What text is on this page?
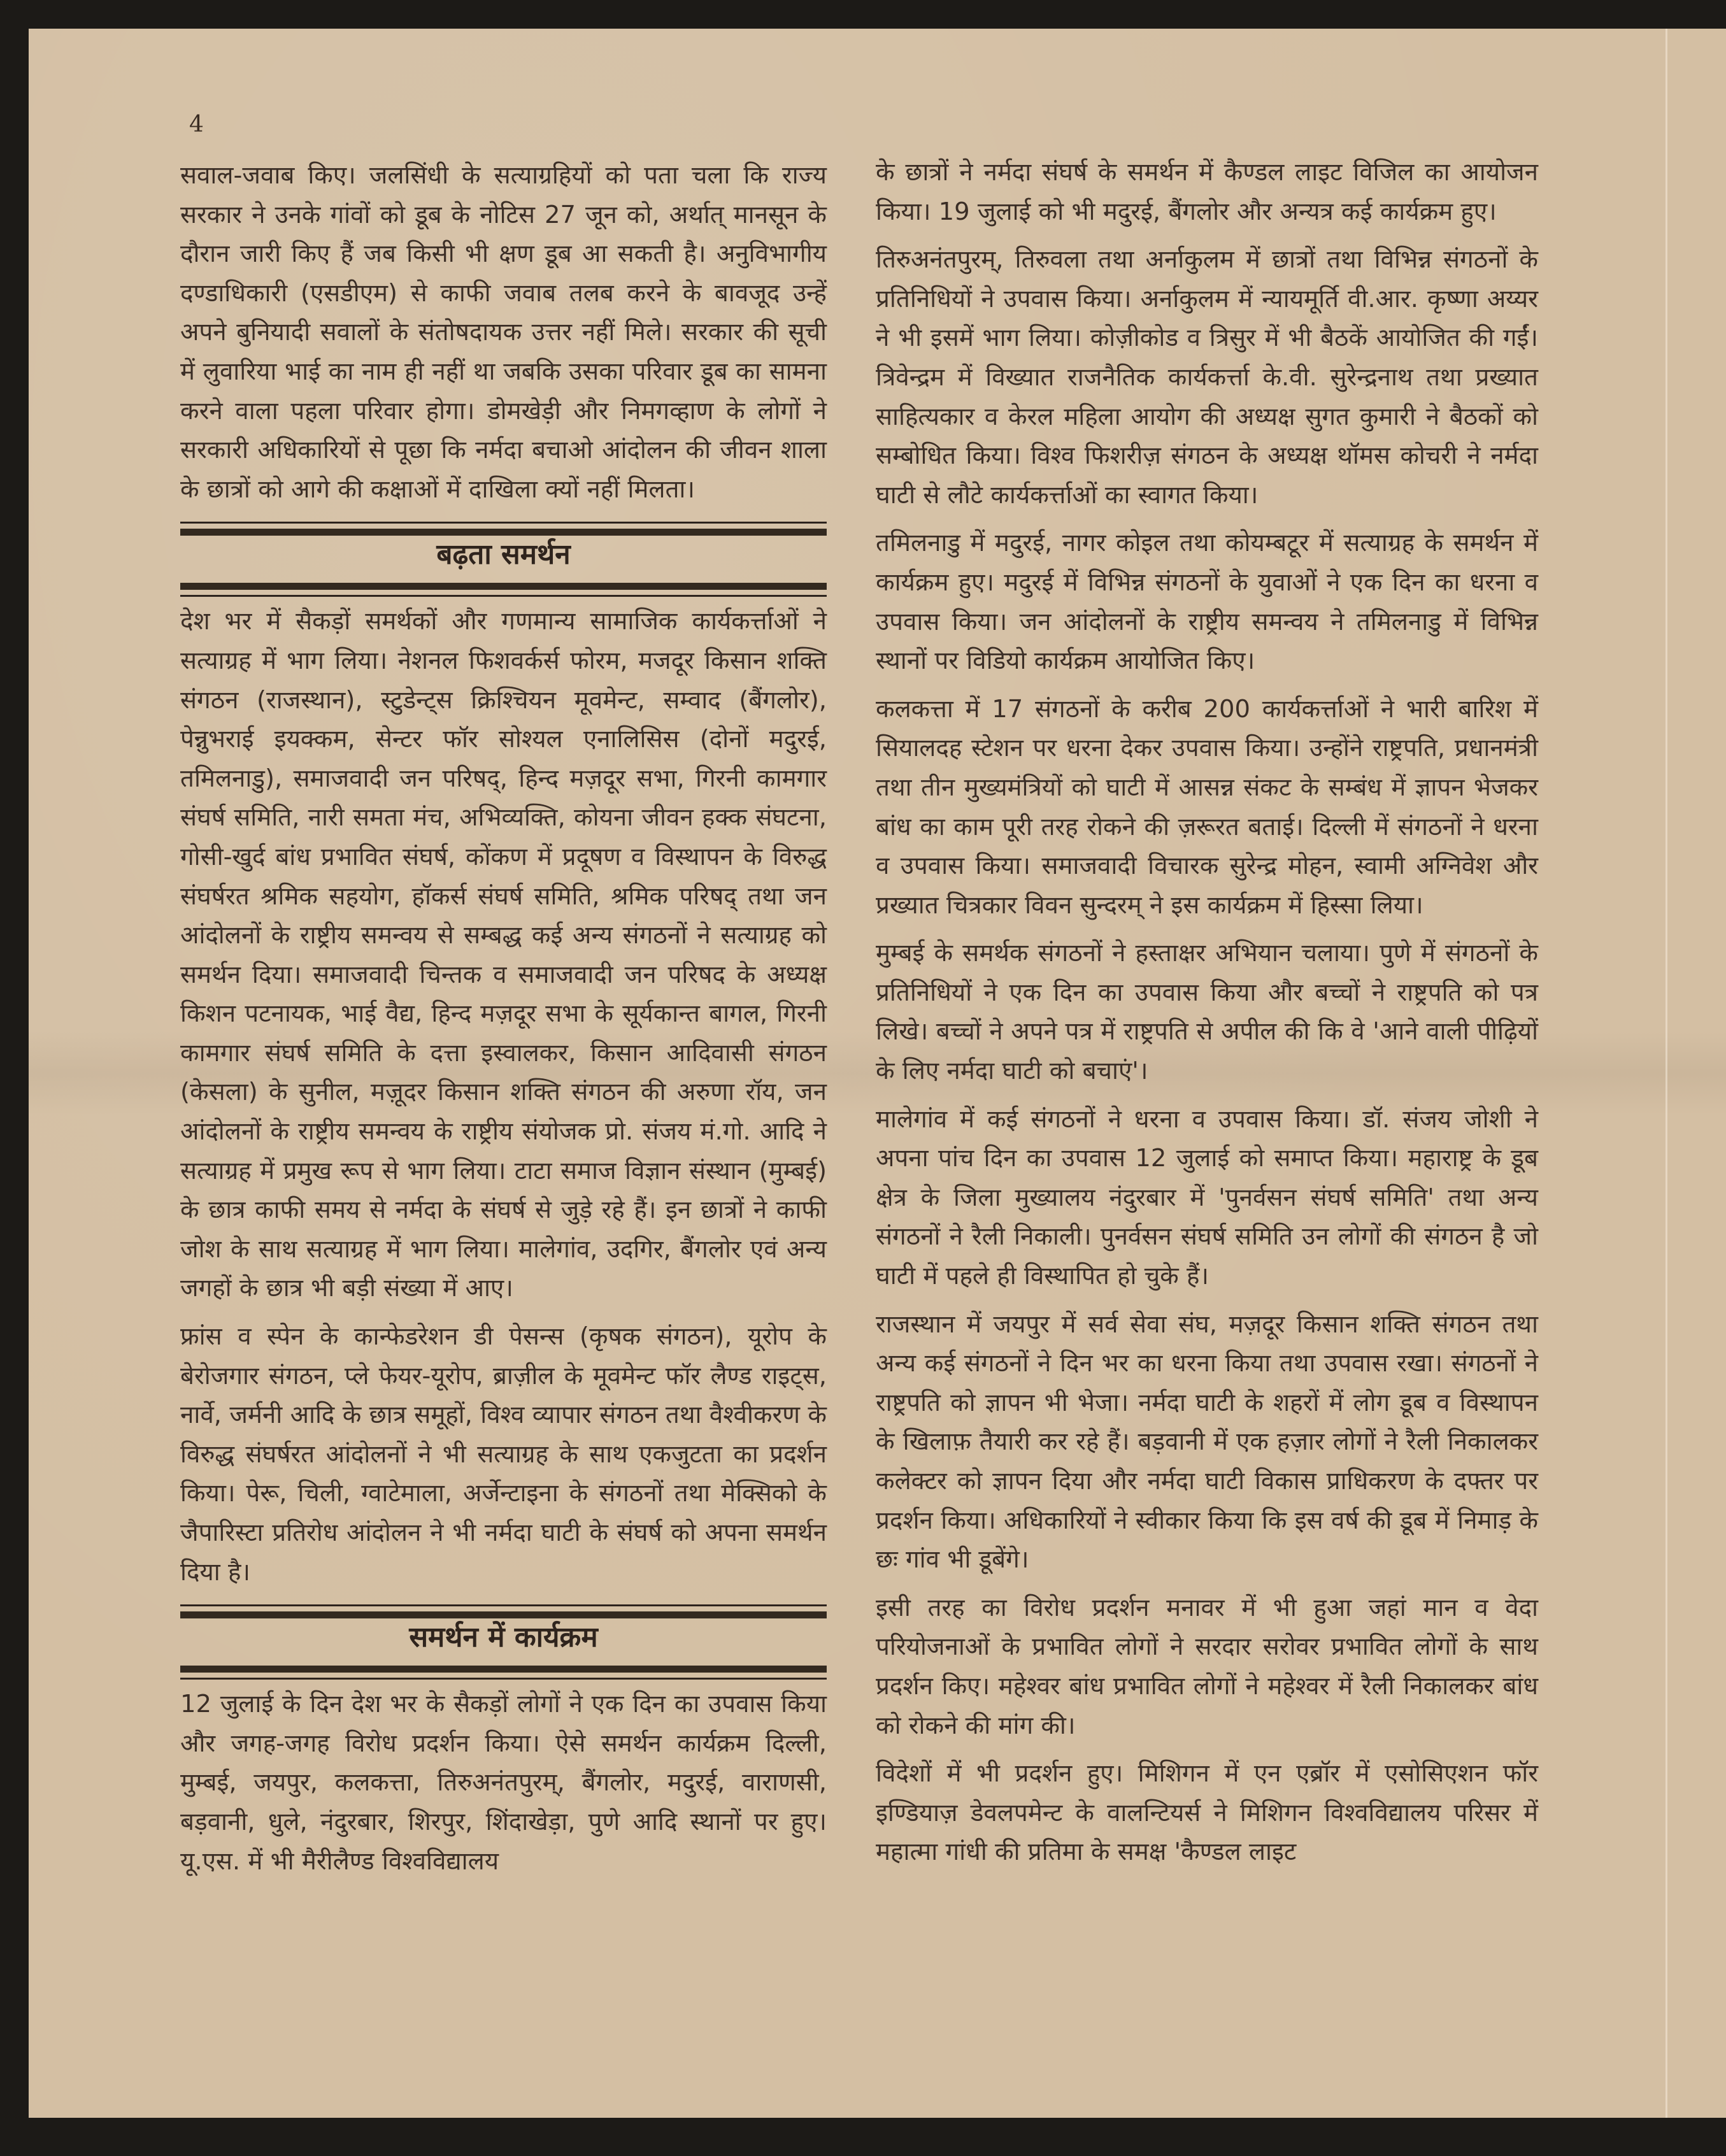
4

सवाल-जवाब किए। जलसिंधी के सत्याग्रहियों को पता चला कि राज्य सरकार ने उनके गांवों को डूब के नोटिस 27 जून को, अर्थात् मानसून के दौरान जारी किए हैं जब किसी भी क्षण डूब आ सकती है। अनुविभागीय दण्डाधिकारी (एसडीएम) से काफी जवाब तलब करने के बावजूद उन्हें अपने बुनियादी सवालों के संतोषदायक उत्तर नहीं मिले। सरकार की सूची में लुवारिया भाई का नाम ही नहीं था जबकि उसका परिवार डूब का सामना करने वाला पहला परिवार होगा। डोमखेड़ी और निमगव्हाण के लोगों ने सरकारी अधिकारियों से पूछा कि नर्मदा बचाओ आंदोलन की जीवन शाला के छात्रों को आगे की कक्षाओं में दाखिला क्यों नहीं मिलता।

बढ़ता समर्थन

देश भर में सैकड़ों समर्थकों और गणमान्य सामाजिक कार्यकर्त्ताओं ने सत्याग्रह में भाग लिया। नेशनल फिशवर्कर्स फोरम, मजदूर किसान शक्ति संगठन (राजस्थान), स्टुडेन्ट्स क्रिश्चियन मूवमेन्ट, सम्वाद (बैंगलोर), पेन्नुभराई इयक्कम, सेन्टर फॉर सोश्यल एनालिसिस (दोनों मदुरई, तमिलनाडु), समाजवादी जन परिषद्, हिन्द मज़दूर सभा, गिरनी कामगार संघर्ष समिति, नारी समता मंच, अभिव्यक्ति, कोयना जीवन हक्क संघटना, गोसी-खुर्द बांध प्रभावित संघर्ष, कोंकण में प्रदूषण व विस्थापन के विरुद्ध संघर्षरत श्रमिक सहयोग, हॉकर्स संघर्ष समिति, श्रमिक परिषद् तथा जन आंदोलनों के राष्ट्रीय समन्वय से सम्बद्ध कई अन्य संगठनों ने सत्याग्रह को समर्थन दिया। समाजवादी चिन्तक व समाजवादी जन परिषद के अध्यक्ष किशन पटनायक, भाई वैद्य, हिन्द मज़दूर सभा के सूर्यकान्त बागल, गिरनी कामगार संघर्ष समिति के दत्ता इस्वालकर, किसान आदिवासी संगठन (केसला) के सुनील, मज़ूदर किसान शक्ति संगठन की अरुणा रॉय, जन आंदोलनों के राष्ट्रीय समन्वय के राष्ट्रीय संयोजक प्रो. संजय मं.गो. आदि ने सत्याग्रह में प्रमुख रूप से भाग लिया। टाटा समाज विज्ञान संस्थान (मुम्बई) के छात्र काफी समय से नर्मदा के संघर्ष से जुड़े रहे हैं। इन छात्रों ने काफी जोश के साथ सत्याग्रह में भाग लिया। मालेगांव, उदगिर, बैंगलोर एवं अन्य जगहों के छात्र भी बड़ी संख्या में आए।

फ्रांस व स्पेन के कान्फेडरेशन डी पेसन्स (कृषक संगठन), यूरोप के बेरोजगार संगठन, प्ले फेयर-यूरोप, ब्राज़ील के मूवमेन्ट फॉर लैण्ड राइट्स, नार्वे, जर्मनी आदि के छात्र समूहों, विश्व व्यापार संगठन तथा वैश्वीकरण के विरुद्ध संघर्षरत आंदोलनों ने भी सत्याग्रह के साथ एकजुटता का प्रदर्शन किया। पेरू, चिली, ग्वाटेमाला, अर्जेन्टाइना के संगठनों तथा मेक्सिको के जैपारिस्टा प्रतिरोध आंदोलन ने भी नर्मदा घाटी के संघर्ष को अपना समर्थन दिया है।

समर्थन में कार्यक्रम

12 जुलाई के दिन देश भर के सैकड़ों लोगों ने एक दिन का उपवास किया और जगह-जगह विरोध प्रदर्शन किया। ऐसे समर्थन कार्यक्रम दिल्ली, मुम्बई, जयपुर, कलकत्ता, तिरुअनंतपुरम्, बैंगलोर, मदुरई, वाराणसी, बड़वानी, धुले, नंदुरबार, शिरपुर, शिंदाखेड़ा, पुणे आदि स्थानों पर हुए। यू.एस. में भी मैरीलैण्ड विश्वविद्यालय

के छात्रों ने नर्मदा संघर्ष के समर्थन में कैण्डल लाइट विजिल का आयोजन किया। 19 जुलाई को भी मदुरई, बैंगलोर और अन्यत्र कई कार्यक्रम हुए।

तिरुअनंतपुरम्, तिरुवला तथा अर्नाकुलम में छात्रों तथा विभिन्न संगठनों के प्रतिनिधियों ने उपवास किया। अर्नाकुलम में न्यायमूर्ति वी.आर. कृष्णा अय्यर ने भी इसमें भाग लिया। कोज़ीकोड व त्रिसुर में भी बैठकें आयोजित की गईं। त्रिवेन्द्रम में विख्यात राजनैतिक कार्यकर्त्ता के.वी. सुरेन्द्रनाथ तथा प्रख्यात साहित्यकार व केरल महिला आयोग की अध्यक्ष सुगत कुमारी ने बैठकों को सम्बोधित किया। विश्व फिशरीज़ संगठन के अध्यक्ष थॉमस कोचरी ने नर्मदा घाटी से लौटे कार्यकर्त्ताओं का स्वागत किया।

तमिलनाडु में मदुरई, नागर कोइल तथा कोयम्बटूर में सत्याग्रह के समर्थन में कार्यक्रम हुए। मदुरई में विभिन्न संगठनों के युवाओं ने एक दिन का धरना व उपवास किया। जन आंदोलनों के राष्ट्रीय समन्वय ने तमिलनाडु में विभिन्न स्थानों पर विडियो कार्यक्रम आयोजित किए।

कलकत्ता में 17 संगठनों के करीब 200 कार्यकर्त्ताओं ने भारी बारिश में सियालदह स्टेशन पर धरना देकर उपवास किया। उन्होंने राष्ट्रपति, प्रधानमंत्री तथा तीन मुख्यमंत्रियों को घाटी में आसन्न संकट के सम्बंध में ज्ञापन भेजकर बांध का काम पूरी तरह रोकने की ज़रूरत बताई। दिल्ली में संगठनों ने धरना व उपवास किया। समाजवादी विचारक सुरेन्द्र मोहन, स्वामी अग्निवेश और प्रख्यात चित्रकार विवन सुन्दरम् ने इस कार्यक्रम में हिस्सा लिया।

मुम्बई के समर्थक संगठनों ने हस्ताक्षर अभियान चलाया। पुणे में संगठनों के प्रतिनिधियों ने एक दिन का उपवास किया और बच्चों ने राष्ट्रपति को पत्र लिखे। बच्चों ने अपने पत्र में राष्ट्रपति से अपील की कि वे 'आने वाली पीढ़ियों के लिए नर्मदा घाटी को बचाएं'।

मालेगांव में कई संगठनों ने धरना व उपवास किया। डॉ. संजय जोशी ने अपना पांच दिन का उपवास 12 जुलाई को समाप्त किया। महाराष्ट्र के डूब क्षेत्र के जिला मुख्यालय नंदुरबार में 'पुनर्वसन संघर्ष समिति' तथा अन्य संगठनों ने रैली निकाली। पुनर्वसन संघर्ष समिति उन लोगों की संगठन है जो घाटी में पहले ही विस्थापित हो चुके हैं।

राजस्थान में जयपुर में सर्व सेवा संघ, मज़दूर किसान शक्ति संगठन तथा अन्य कई संगठनों ने दिन भर का धरना किया तथा उपवास रखा। संगठनों ने राष्ट्रपति को ज्ञापन भी भेजा। नर्मदा घाटी के शहरों में लोग डूब व विस्थापन के खिलाफ़ तैयारी कर रहे हैं। बड़वानी में एक हज़ार लोगों ने रैली निकालकर कलेक्टर को ज्ञापन दिया और नर्मदा घाटी विकास प्राधिकरण के दफ्तर पर प्रदर्शन किया। अधिकारियों ने स्वीकार किया कि इस वर्ष की डूब में निमाड़ के छः गांव भी डूबेंगे।

इसी तरह का विरोध प्रदर्शन मनावर में भी हुआ जहां मान व वेदा परियोजनाओं के प्रभावित लोगों ने सरदार सरोवर प्रभावित लोगों के साथ प्रदर्शन किए। महेश्वर बांध प्रभावित लोगों ने महेश्वर में रैली निकालकर बांध को रोकने की मांग की।

विदेशों में भी प्रदर्शन हुए। मिशिगन में एन एब्रॉर में एसोसिएशन फॉर इण्डियाज़ डेवलपमेन्ट के वालन्टियर्स ने मिशिगन विश्वविद्यालय परिसर में महात्मा गांधी की प्रतिमा के समक्ष 'कैण्डल लाइट
